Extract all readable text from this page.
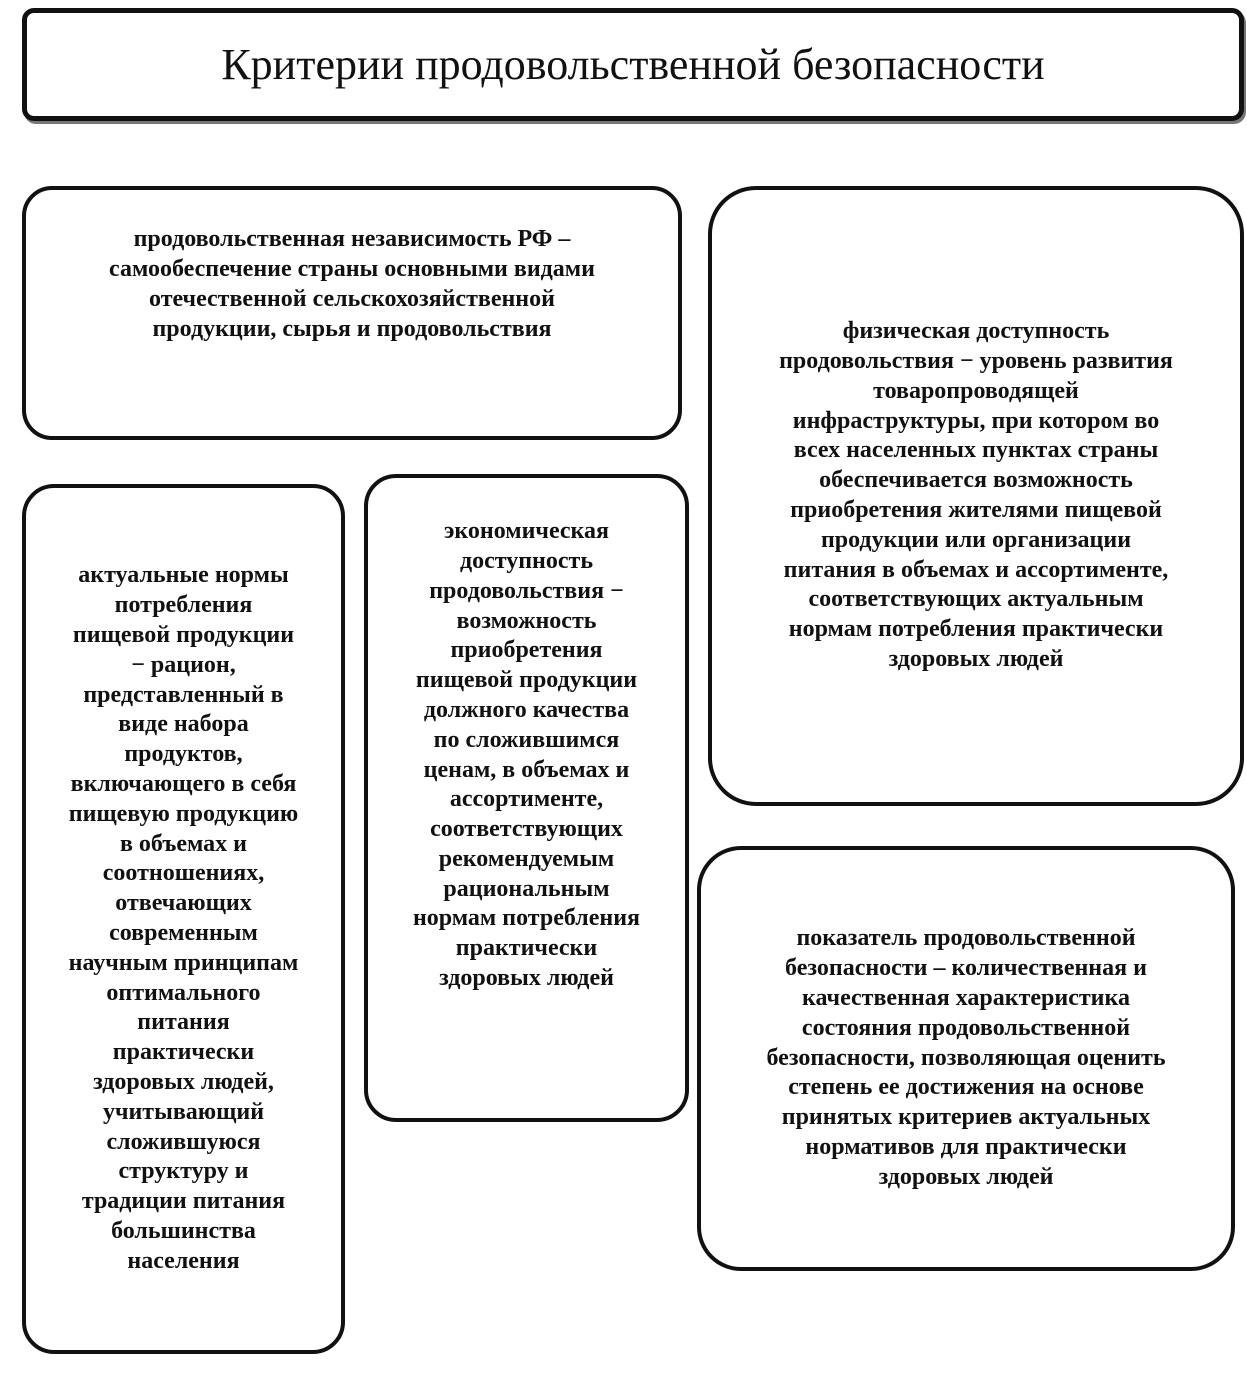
Критерии продовольственной безопасности
продовольственная независимость РФ –
самообеспечение страны основными видами
отечественной сельскохозяйственной
продукции, сырья и продовольствия	физическая доступность
продовольствия − уровень развития
товаропроводящей
инфраструктуры, при котором во
всех населенных пунктах страны
обеспечивается возможность
приобретения жителями пищевой
продукции или организации
питания в объемах и ассортименте,
соответствующих актуальным
нормам потребления практически
здоровых людей
актуальные нормы
потребления
пищевой продукции
− рацион,
представленный в
виде набора
продуктов,
включающего в себя
пищевую продукцию
в объемах и
соотношениях,
отвечающих
современным
научным принципам
оптимального
питания
практически
здоровых людей,
учитывающий
сложившуюся
структуру и
традиции питания
большинства
населения
экономическая
доступность
продовольствия −
возможность
приобретения
пищевой продукции
должного качества
по сложившимся
ценам, в объемах и
ассортименте,
соответствующих
рекомендуемым
рациональным
нормам потребления
практически
здоровых людей
показатель продовольственной
безопасности – количественная и
качественная характеристика
состояния продовольственной
безопасности, позволяющая оценить
степень ее достижения на основе
принятых критериев актуальных
нормативов для практически
здоровых людей
